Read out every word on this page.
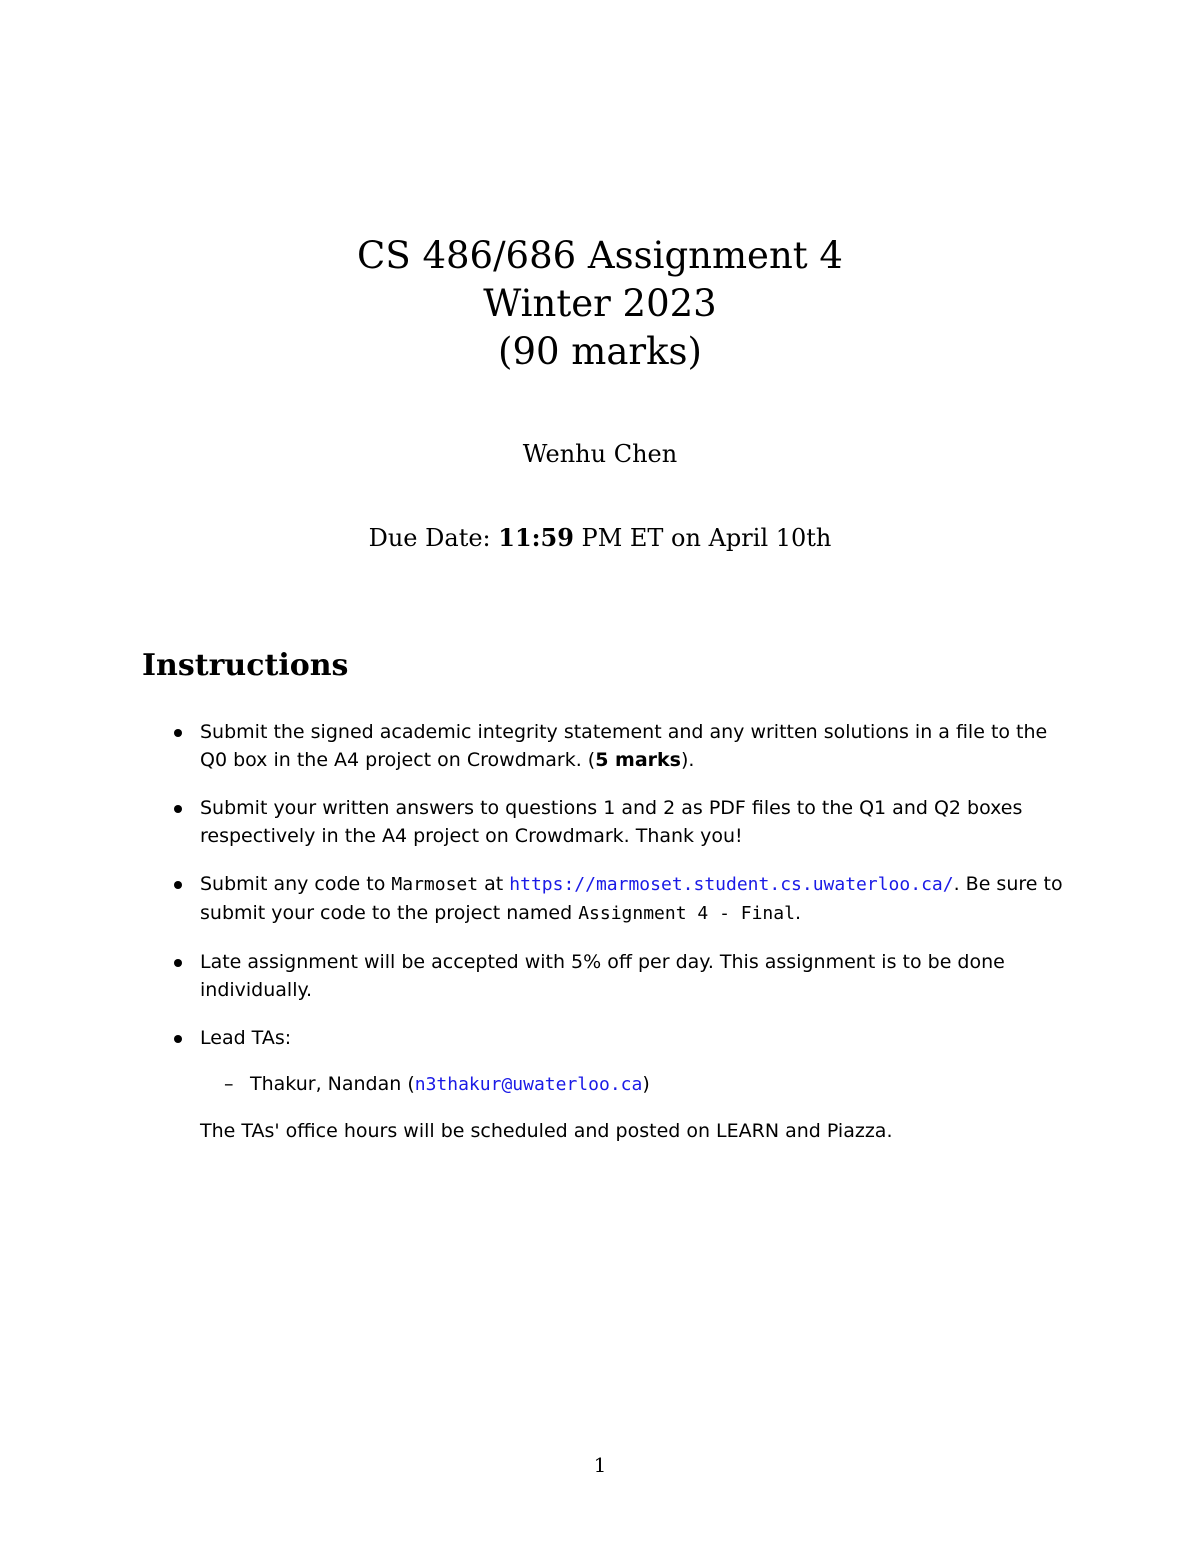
CS 486/686 Assignment 4
Winter 2023
(90 marks)
Wenhu Chen
Due Date: 11:59 PM ET on April 10th
Instructions
Submit the signed academic integrity statement and any written solutions in a file to the Q0 box in the A4 project on Crowdmark. (5 marks).
Submit your written answers to questions 1 and 2 as PDF files to the Q1 and Q2 boxes respectively in the A4 project on Crowdmark. Thank you!
Submit any code to Marmoset at https://marmoset.student.cs.uwaterloo.ca/. Be sure to submit your code to the project named Assignment 4 - Final.
Late assignment will be accepted with 5% off per day. This assignment is to be done individually.
Lead TAs:
– Thakur, Nandan (n3thakur@uwaterloo.ca)
The TAs' office hours will be scheduled and posted on LEARN and Piazza.
1
